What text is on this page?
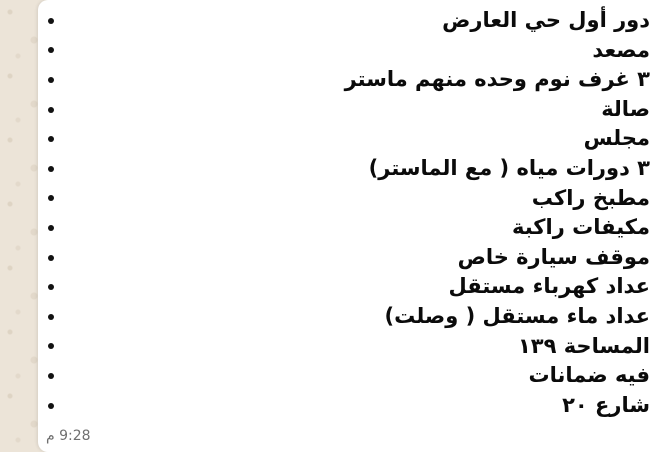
دور أول حي العارض
مصعد
٣ غرف نوم وحده منهم ماستر
صالة
مجلس
٣ دورات مياه ( مع الماستر)
مطبخ راكب
مكيفات راكبة
موقف سيارة خاص
عداد كهرباء مستقل
عداد ماء مستقل ( وصلت)
المساحة ١٣٩
فيه ضمانات
شارع ٢٠
9:28 م
